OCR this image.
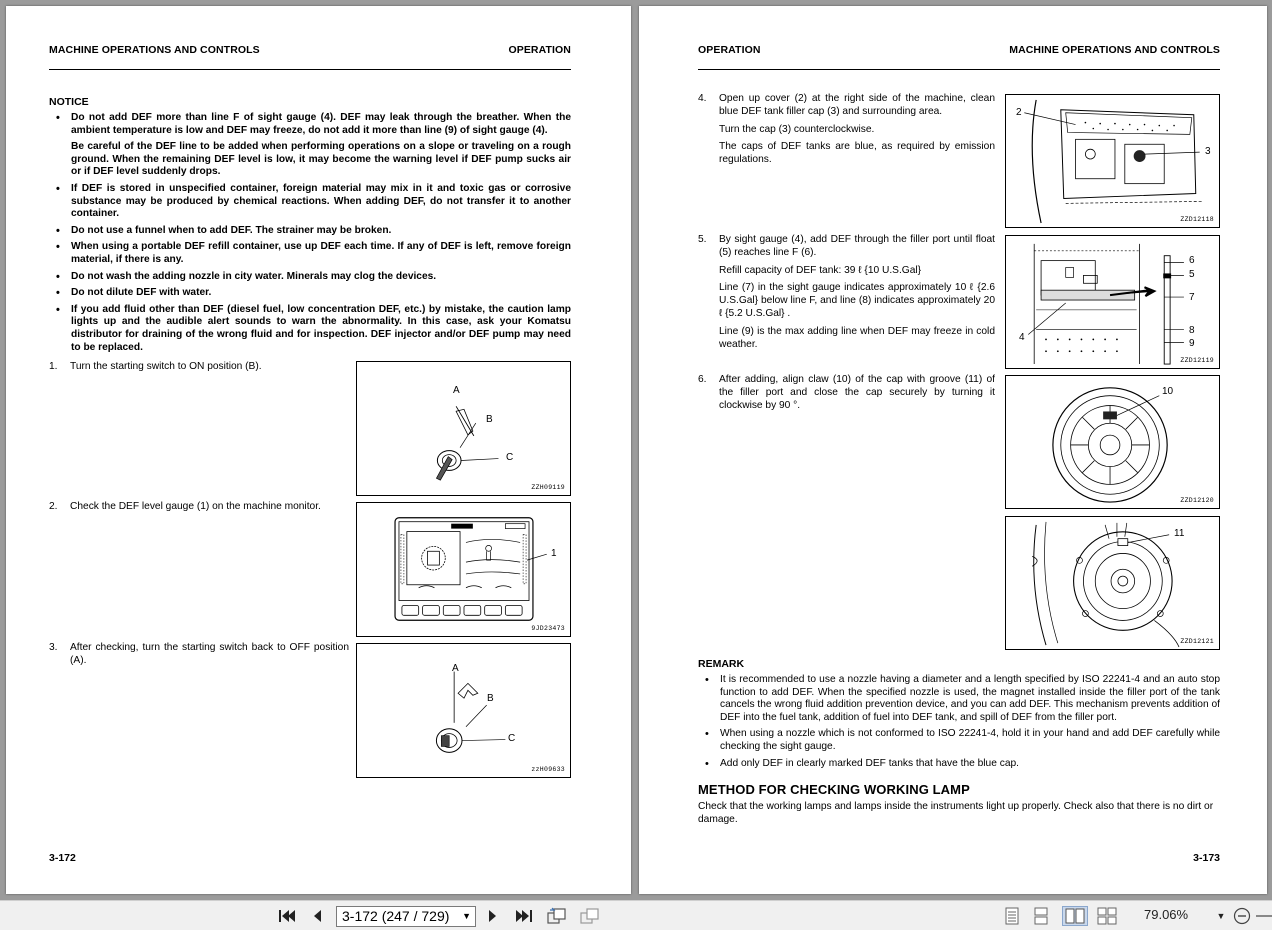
MACHINE OPERATIONS AND CONTROLS	OPERATION
NOTICE
• Do not add DEF more than line F of sight gauge (4). DEF may leak through the breather. When the ambient temperature is low and DEF may freeze, do not add it more than line (9) of sight gauge (4).

Be careful of the DEF line to be added when performing operations on a slope or traveling on a rough ground. When the remaining DEF level is low, it may become the warning level if DEF pump sucks air or if DEF level suddenly drops.

• If DEF is stored in unspecified container, foreign material may mix in it and toxic gas or corrosive substance may be produced by chemical reactions. When adding DEF, do not transfer it to another container.
• Do not use a funnel when to add DEF. The strainer may be broken.
• When using a portable DEF refill container, use up DEF each time. If any of DEF is left, remove foreign material, if there is any.
• Do not wash the adding nozzle in city water. Minerals may clog the devices.
• Do not dilute DEF with water.
• If you add fluid other than DEF (diesel fuel, low concentration DEF, etc.) by mistake, the caution lamp lights up and the audible alert sounds to warn the abnormality. In this case, ask your Komatsu distributor for draining of the wrong fluid and for inspection. DEF injector and/or DEF pump may need to be replaced.
1. Turn the starting switch to ON position (B).
A
B
C
ZZH09119
2. Check the DEF level gauge (1) on the machine monitor.
1
9JD23473
3. After checking, turn the starting switch back to OFF position (A).
A
B
C
zzH09633
3-172
OPERATION	MACHINE OPERATIONS AND CONTROLS
4. Open up cover (2) at the right side of the machine, clean blue DEF tank filler cap (3) and surrounding area.

Turn the cap (3) counterclockwise.

The caps of DEF tanks are blue, as required by emission regulations.

2
3
ZZD12118
5. By sight gauge (4), add DEF through the filler port until float (5) reaches line F (6).

Refill capacity of DEF tank: 39 ℓ {10 U.S.Gal}

Line (7) in the sight gauge indicates approximately 10 ℓ {2.6 U.S.Gal} below line F, and line (8) indicates approximately 20 ℓ {5.2 U.S.Gal} .

Line (9) is the max adding line when DEF may freeze in cold weather.

6
5
7
4
8
9
ZZD12119
6. After adding, align claw (10) of the cap with groove (11) of the filler port and close the cap securely by turning it clockwise by 90 °.

10
ZZD12120
11
ZZD12121
REMARK
• It is recommended to use a nozzle having a diameter and a length specified by ISO 22241-4 and an auto stop function to add DEF. When the specified nozzle is used, the magnet installed inside the filler port of the tank cancels the wrong fluid addition prevention device, and you can add DEF. This mechanism prevents addition of DEF into the fuel tank, addition of fuel into DEF tank, and spill of DEF from the filler port.
• When using a nozzle which is not conformed to ISO 22241-4, hold it in your hand and add DEF carefully while checking the sight gauge.
• Add only DEF in clearly marked DEF tanks that have the blue cap.
METHOD FOR CHECKING WORKING LAMP
Check that the working lamps and lamps inside the instruments light up properly. Check also that there is no dirt or damage.
3-173
3-172 (247 / 729) ▼	79.06%	▼
